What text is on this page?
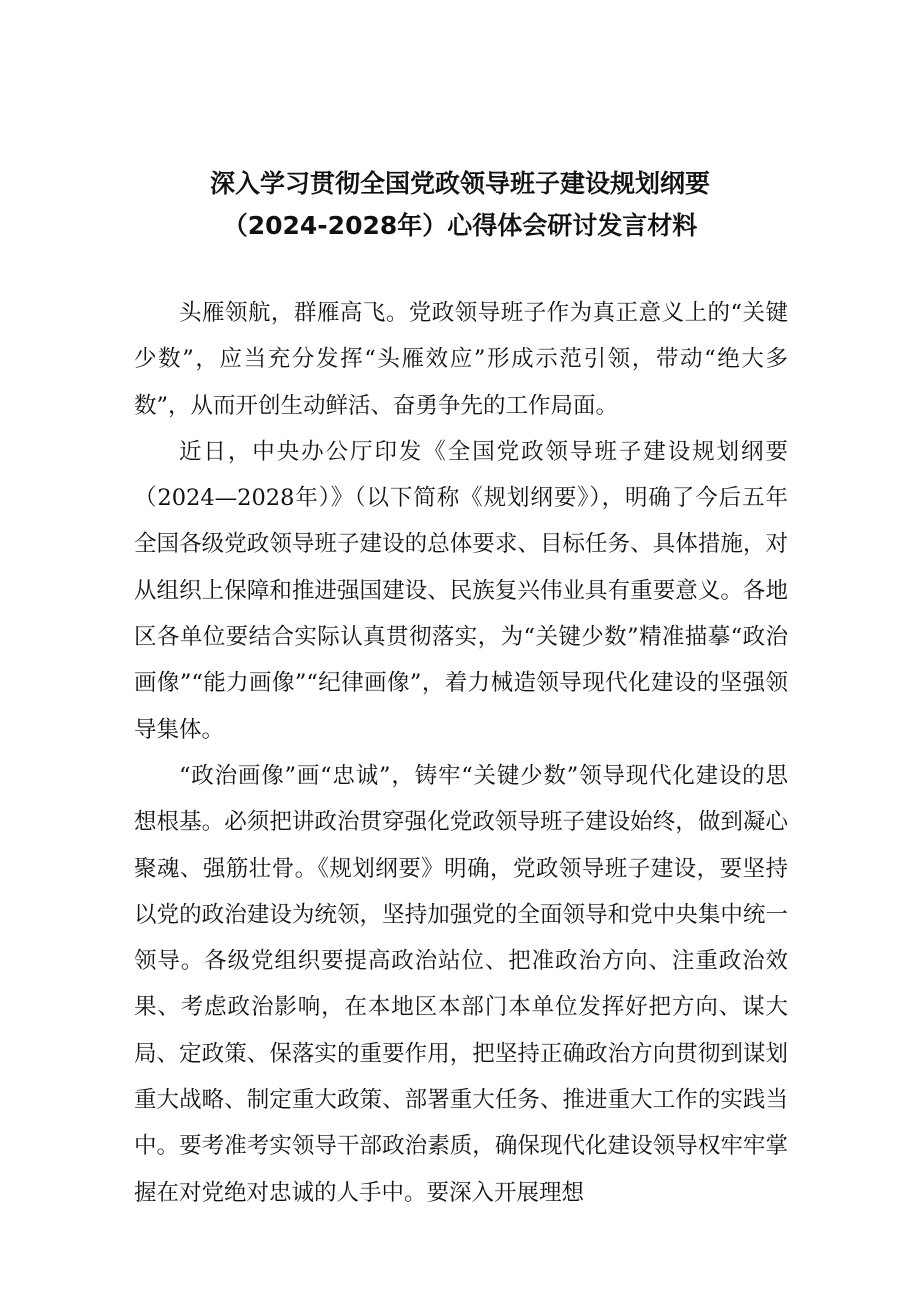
深入学习贯彻全国党政领导班子建设规划纲要
（2024-2028年）心得体会研讨发言材料

头雁领航，群雁高飞。党政领导班子作为真正意义上的“关键少数”，应当充分发挥“头雁效应”形成示范引领，带动“绝大多数”，从而开创生动鲜活、奋勇争先的工作局面。

近日，中央办公厅印发《全国党政领导班子建设规划纲要（2024—2028年）》（以下简称《规划纲要》），明确了今后五年全国各级党政领导班子建设的总体要求、目标任务、具体措施，对从组织上保障和推进强国建设、民族复兴伟业具有重要意义。各地区各单位要结合实际认真贯彻落实，为“关键少数”精准描摹“政治画像”“能力画像”“纪律画像”，着力械造领导现代化建设的坚强领导集体。

“政治画像”画“忠诚”，铸牢“关键少数”领导现代化建设的思想根基。必须把讲政治贯穿强化党政领导班子建设始终，做到凝心聚魂、强筋壮骨。《规划纲要》明确，党政领导班子建设，要坚持以党的政治建设为统领，坚持加强党的全面领导和党中央集中统一领导。各级党组织要提高政治站位、把准政治方向、注重政治效果、考虑政治影响，在本地区本部门本单位发挥好把方向、谋大局、定政策、保落实的重要作用，把坚持正确政治方向贯彻到谋划重大战略、制定重大政策、部署重大任务、推进重大工作的实践当中。要考准考实领导干部政治素质，确保现代化建设领导权牢牢掌握在对党绝对忠诚的人手中。要深入开展理想
